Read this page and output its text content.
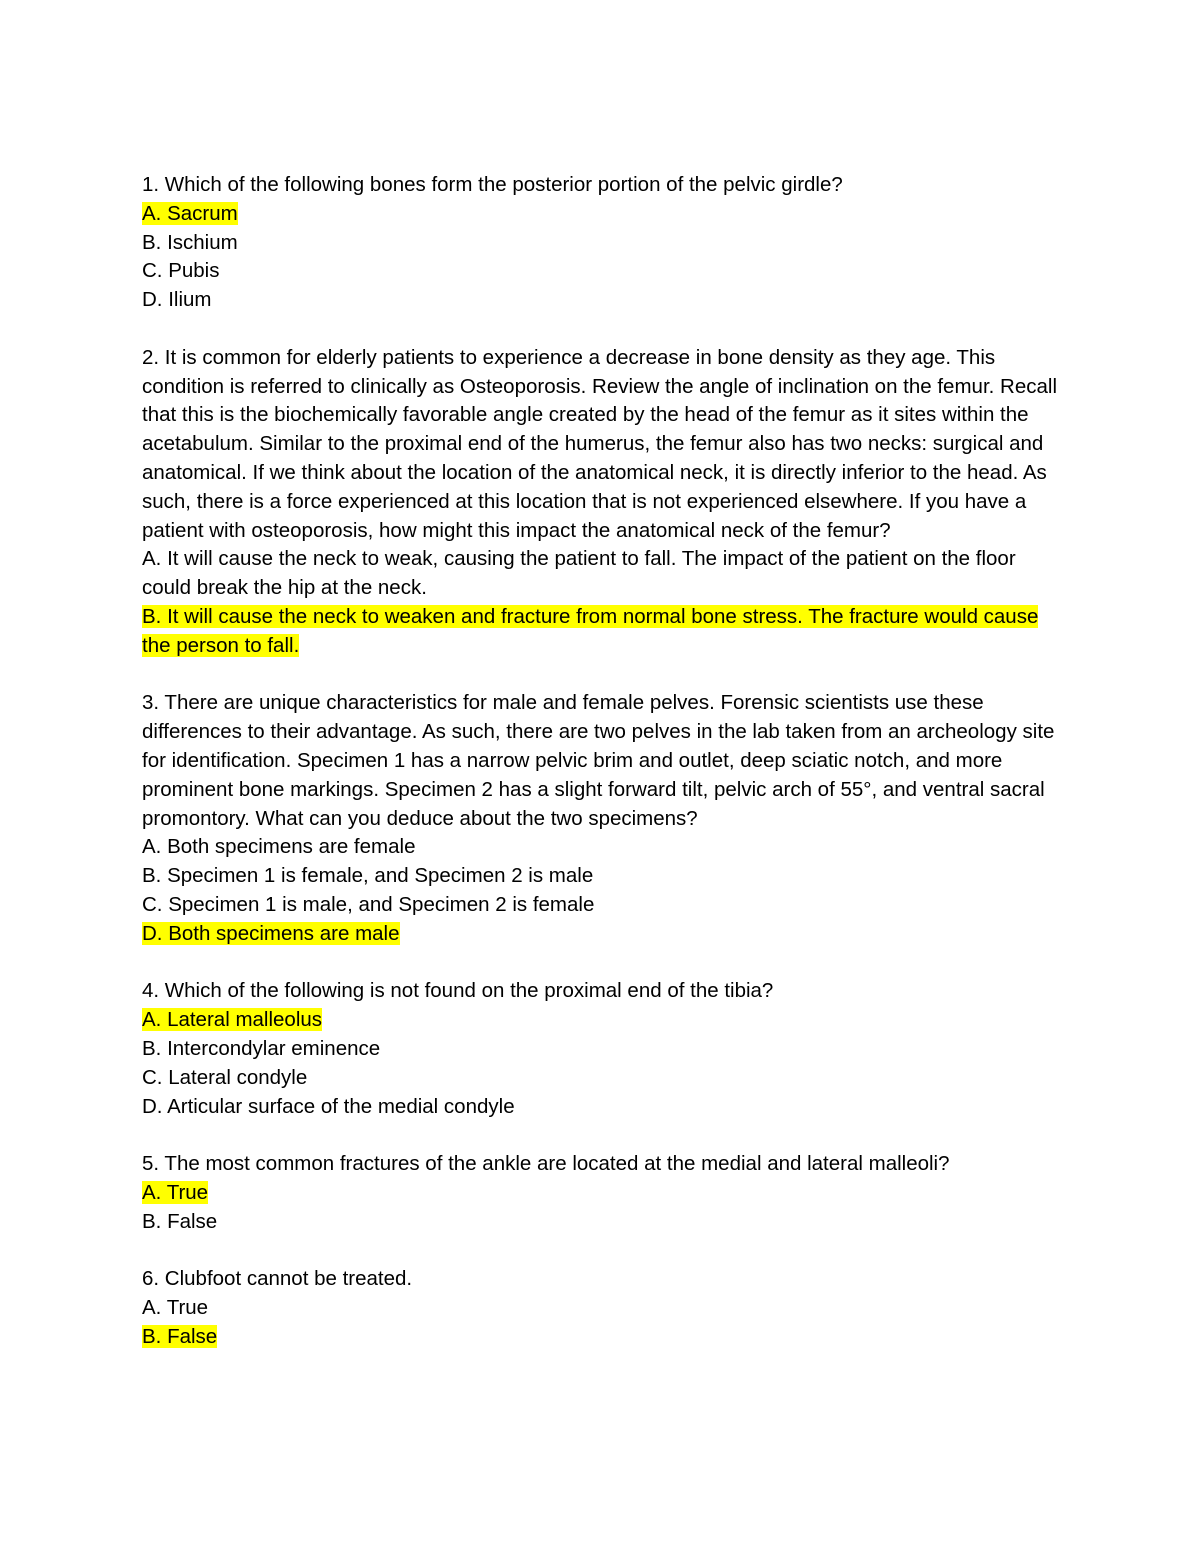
1. Which of the following bones form the posterior portion of the pelvic girdle?

A. Sacrum

B. Ischium

C. Pubis

D. Ilium

2. It is common for elderly patients to experience a decrease in bone density as they age. This condition is referred to clinically as Osteoporosis. Review the angle of inclination on the femur. Recall that this is the biochemically favorable angle created by the head of the femur as it sites within the acetabulum. Similar to the proximal end of the humerus, the femur also has two necks: surgical and anatomical. If we think about the location of the anatomical neck, it is directly inferior to the head. As such, there is a force experienced at this location that is not experienced elsewhere. If you have a patient with osteoporosis, how might this impact the anatomical neck of the femur?

A. It will cause the neck to weak, causing the patient to fall. The impact of the patient on the floor could break the hip at the neck.

B. It will cause the neck to weaken and fracture from normal bone stress. The fracture would cause the person to fall.

3. There are unique characteristics for male and female pelves. Forensic scientists use these differences to their advantage. As such, there are two pelves in the lab taken from an archeology site for identification. Specimen 1 has a narrow pelvic brim and outlet, deep sciatic notch, and more prominent bone markings. Specimen 2 has a slight forward tilt, pelvic arch of 55°, and ventral sacral promontory. What can you deduce about the two specimens?

A. Both specimens are female

B. Specimen 1 is female, and Specimen 2 is male

C. Specimen 1 is male, and Specimen 2 is female

D. Both specimens are male

4. Which of the following is not found on the proximal end of the tibia?

A. Lateral malleolus

B. Intercondylar eminence

C. Lateral condyle

D. Articular surface of the medial condyle

5. The most common fractures of the ankle are located at the medial and lateral malleoli?

A. True

B. False

6. Clubfoot cannot be treated.

A. True

B. False
